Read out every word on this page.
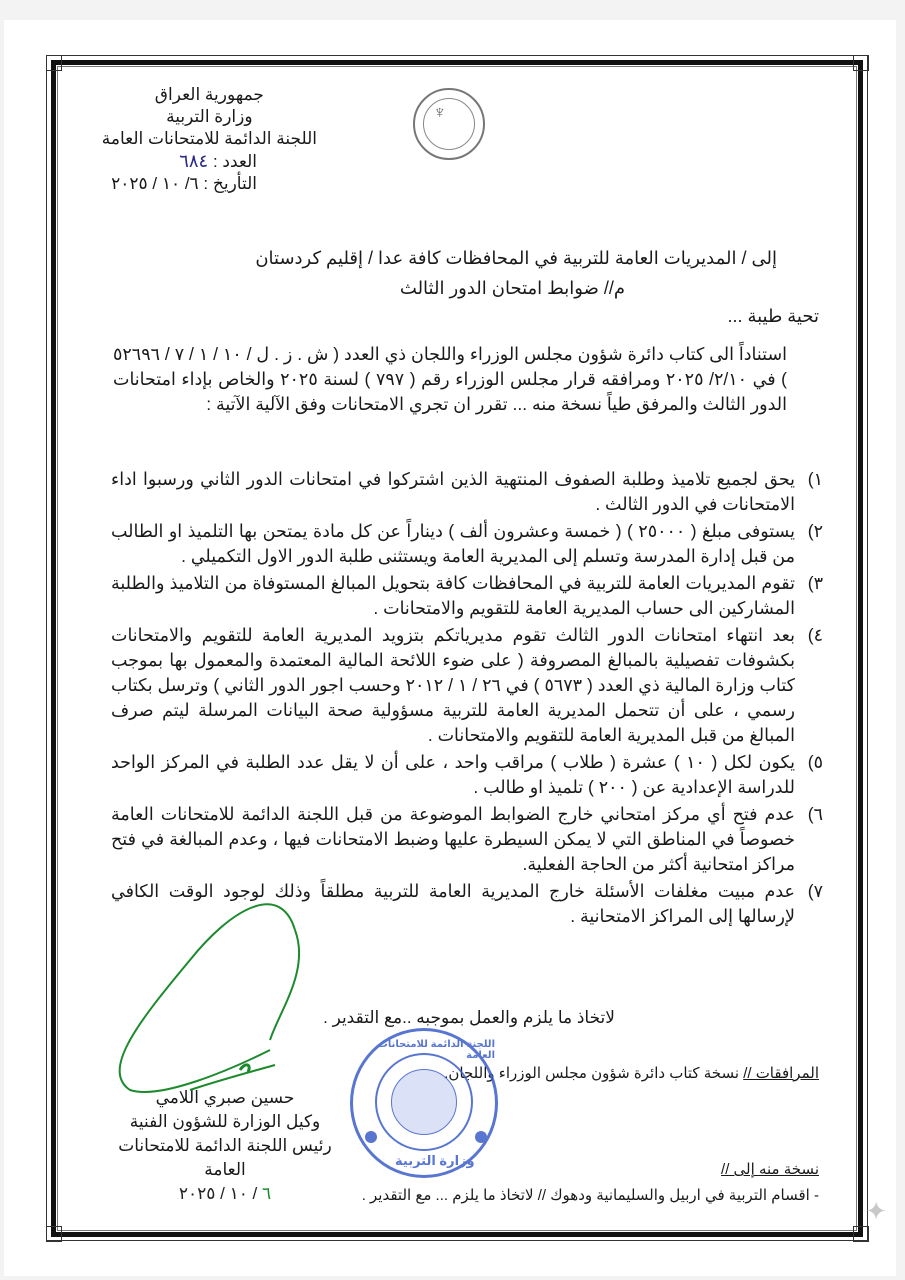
جمهورية العراق
وزارة التربية
اللجنة الدائمة للامتحانات العامة
العدد : ٦٨٤
التأريخ : ٦/ ١٠ / ٢٠٢٥
♆
إلى / المديريات العامة للتربية في المحافظات كافة عدا / إقليم كردستان
م// ضوابط امتحان الدور الثالث
تحية طيبة ...
استناداً الى كتاب دائرة شؤون مجلس الوزراء واللجان ذي العدد ( ش . ز . ل / ١٠ / ١ / ٧ / ٥٢٦٩٦ ) في ٢/١٠/ ٢٠٢٥ ومرافقه قرار مجلس الوزراء رقم ( ٧٩٧ ) لسنة ٢٠٢٥ والخاص بإداء امتحانات الدور الثالث والمرفق طياً نسخة منه ... تقرر ان تجري الامتحانات وفق الآلية الآتية :
١)
يحق لجميع تلاميذ وطلبة الصفوف المنتهية الذين اشتركوا في امتحانات الدور الثاني ورسبوا اداء الامتحانات في الدور الثالث .
٢)
يستوفى مبلغ ( ٢٥٠٠٠ ) ( خمسة وعشرون ألف ) ديناراً عن كل مادة يمتحن بها التلميذ او الطالب من قبل إدارة المدرسة وتسلم إلى المديرية العامة ويستثنى طلبة الدور الاول التكميلي .
٣)
تقوم المديريات العامة للتربية في المحافظات كافة بتحويل المبالغ المستوفاة من التلاميذ والطلبة المشاركين الى حساب المديرية العامة للتقويم والامتحانات .
٤)
بعد انتهاء امتحانات الدور الثالث تقوم مديرياتكم بتزويد المديرية العامة للتقويم والامتحانات بكشوفات تفصيلية بالمبالغ المصروفة ( على ضوء اللائحة المالية المعتمدة والمعمول بها بموجب كتاب وزارة المالية ذي العدد ( ٥٦٧٣ ) في ٢٦ / ١ / ٢٠١٢ وحسب اجور الدور الثاني ) وترسل بكتاب رسمي ، على أن تتحمل المديرية العامة للتربية مسؤولية صحة البيانات المرسلة ليتم صرف المبالغ من قبل المديرية العامة للتقويم والامتحانات .
٥)
يكون لكل ( ١٠ ) عشرة ( طلاب ) مراقب واحد ، على أن لا يقل عدد الطلبة في المركز الواحد للدراسة الإعدادية عن ( ٢٠٠ ) تلميذ او طالب .
٦)
عدم فتح أي مركز امتحاني خارج الضوابط الموضوعة من قبل اللجنة الدائمة للامتحانات العامة خصوصاً في المناطق التي لا يمكن السيطرة عليها وضبط الامتحانات فيها ، وعدم المبالغة في فتح مراكز امتحانية أكثر من الحاجة الفعلية.
٧)
عدم مبيت مغلفات الأسئلة خارج المديرية العامة للتربية مطلقاً وذلك لوجود الوقت الكافي لإرسالها إلى المراكز الامتحانية .
لاتخاذ ما يلزم والعمل بموجبه ..مع التقدير .
المرافقات // نسخة كتاب دائرة شؤون مجلس الوزراء واللجان.
اللجنة الدائمة للامتحانات العامة
وزارة التربية
حسين صبري اللامي
وكيل الوزارة للشؤون الفنية
رئيس اللجنة الدائمة للامتحانات العامة
٦ / ١٠ / ٢٠٢٥
نسخة منه إلى //
- اقسام التربية في اربيل والسليمانية ودهوك // لاتخاذ ما يلزم ... مع التقدير .
✦
